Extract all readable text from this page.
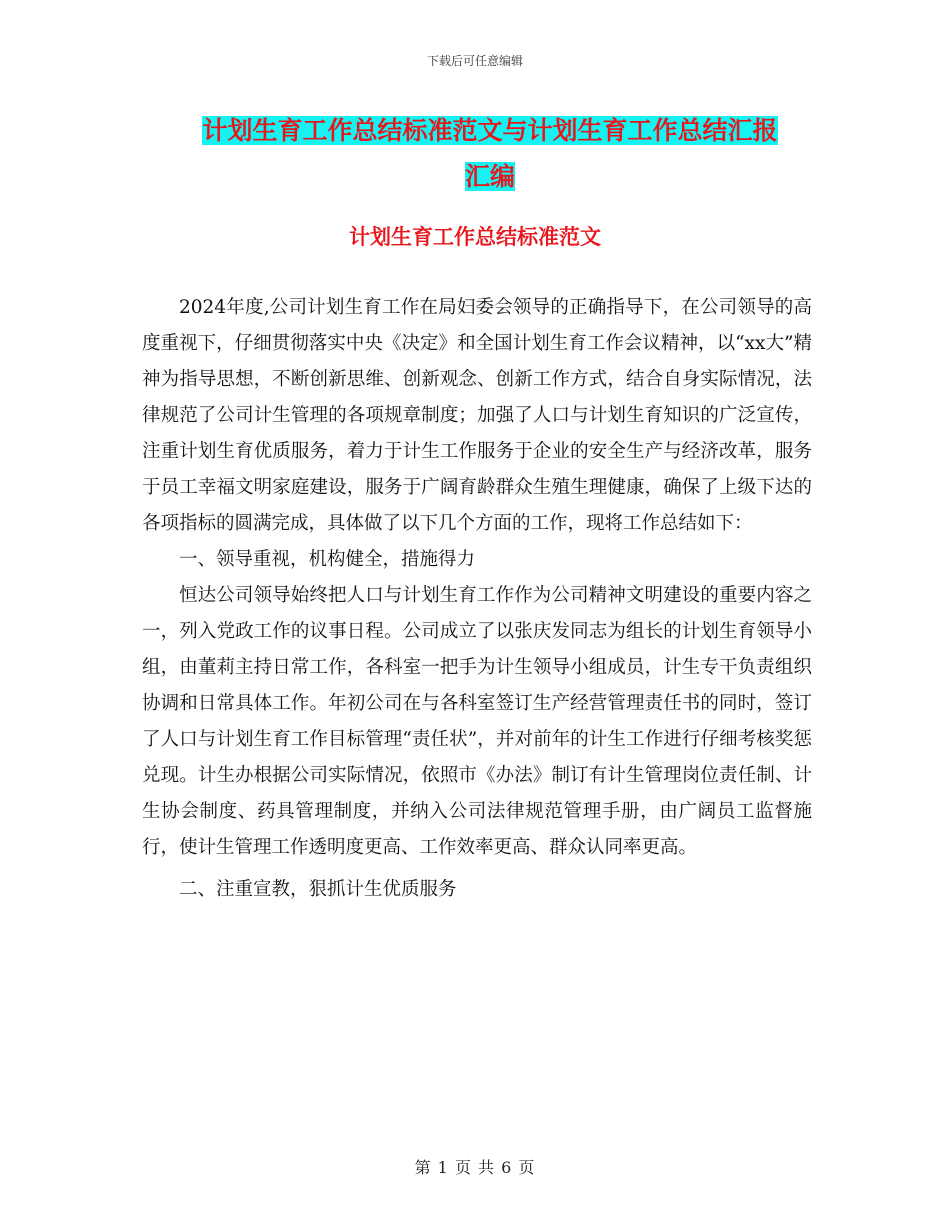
下载后可任意编辑
计划生育工作总结标准范文与计划生育工作总结汇报
汇编
计划生育工作总结标准范文

2024年度,公司计划生育工作在局妇委会领导的正确指导下，在公司领导的高度重视下，仔细贯彻落实中央《决定》和全国计划生育工作会议精神，以“xx大”精神为指导思想，不断创新思维、创新观念、创新工作方式，结合自身实际情况，法律规范了公司计生管理的各项规章制度；加强了人口与计划生育知识的广泛宣传，注重计划生育优质服务，着力于计生工作服务于企业的安全生产与经济改革，服务于员工幸福文明家庭建设，服务于广阔育龄群众生殖生理健康，确保了上级下达的各项指标的圆满完成，具体做了以下几个方面的工作，现将工作总结如下：

一、领导重视，机构健全，措施得力

恒达公司领导始终把人口与计划生育工作作为公司精神文明建设的重要内容之一，列入党政工作的议事日程。公司成立了以张庆发同志为组长的计划生育领导小组，由董莉主持日常工作，各科室一把手为计生领导小组成员，计生专干负责组织协调和日常具体工作。年初公司在与各科室签订生产经营管理责任书的同时，签订了人口与计划生育工作目标管理“责任状”，并对前年的计生工作进行仔细考核奖惩兑现。计生办根据公司实际情况，依照市《办法》制订有计生管理岗位责任制、计生协会制度、药具管理制度，并纳入公司法律规范管理手册，由广阔员工监督施行，使计生管理工作透明度更高、工作效率更高、群众认同率更高。

二、注重宣教，狠抓计生优质服务

第 1 页 共 6 页
